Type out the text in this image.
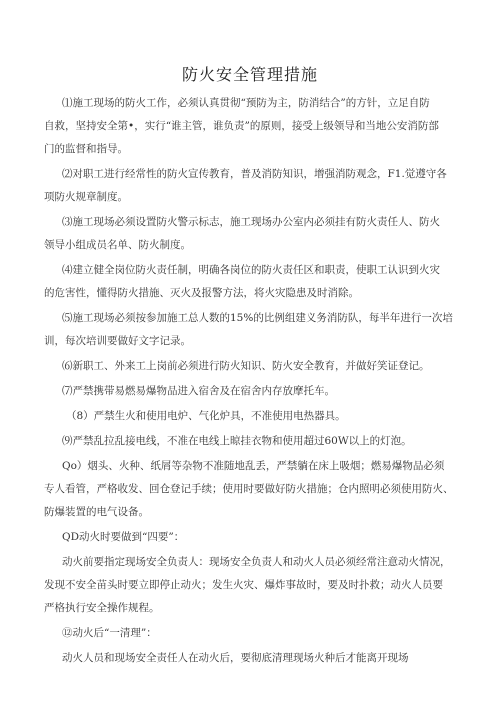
防火安全管理措施

⑴施工现场的防火工作，必须认真贯彻“预防为主，防消结合”的方针，立足自防
自救，坚持安全第•，实行“谁主管，谁负责”的原则，接受上级领导和当地公安消防部
门的监督和指导。

⑵对职工进行经常性的防火宣传教育，普及消防知识，增强消防观念，F1.觉遵守各
项防火规章制度。

⑶施工现场必须设置防火警示标志，施工现场办公室内必须挂有防火责任人、防火
领导小组成员名单、防火制度。

⑷建立健全岗位防火责任制，明确各岗位的防火责任区和职责，使职工认识到火灾
的危害性，懂得防火措施、灭火及报警方法，将火灾隐患及时消除。

⑸施工现场必须按参加施工总人数的15%的比例组建义务消防队，每半年进行一次培
训，每次培训要做好文字记录。

⑹新职工、外来工上岗前必须进行防火知识、防火安全教育，并做好笑证登记。

⑺严禁携带易燃易爆物品进入宿舍及在宿舍内存放摩托车。

（8）严禁生火和使用电炉、气化炉具，不准使用电热器具。

⑼严禁乱拉乱接电线，不准在电线上晾挂衣物和使用超过60W以上的灯泡。

Qo）烟头、火种、纸屑等杂物不准随地乱丢，严禁躺在床上吸烟；燃易爆物品必须
专人看管，严格收发、回仓登记手续；使用时要做好防火措施；仓内照明必须使用防火、
防爆装置的电气设备。

QD动火时要做到“四要”：

动火前要指定现场安全负责人：现场安全负责人和动火人员必须经常注意动火情况，
发现不安全苗头时要立即停止动火；发生火灾、爆炸事故时，要及时扑救；动火人员要
严格执行安全操作规程。

⑫动火后“一清理”：

动火人员和现场安全责任人在动火后，要彻底清理现场火种后才能离开现场
